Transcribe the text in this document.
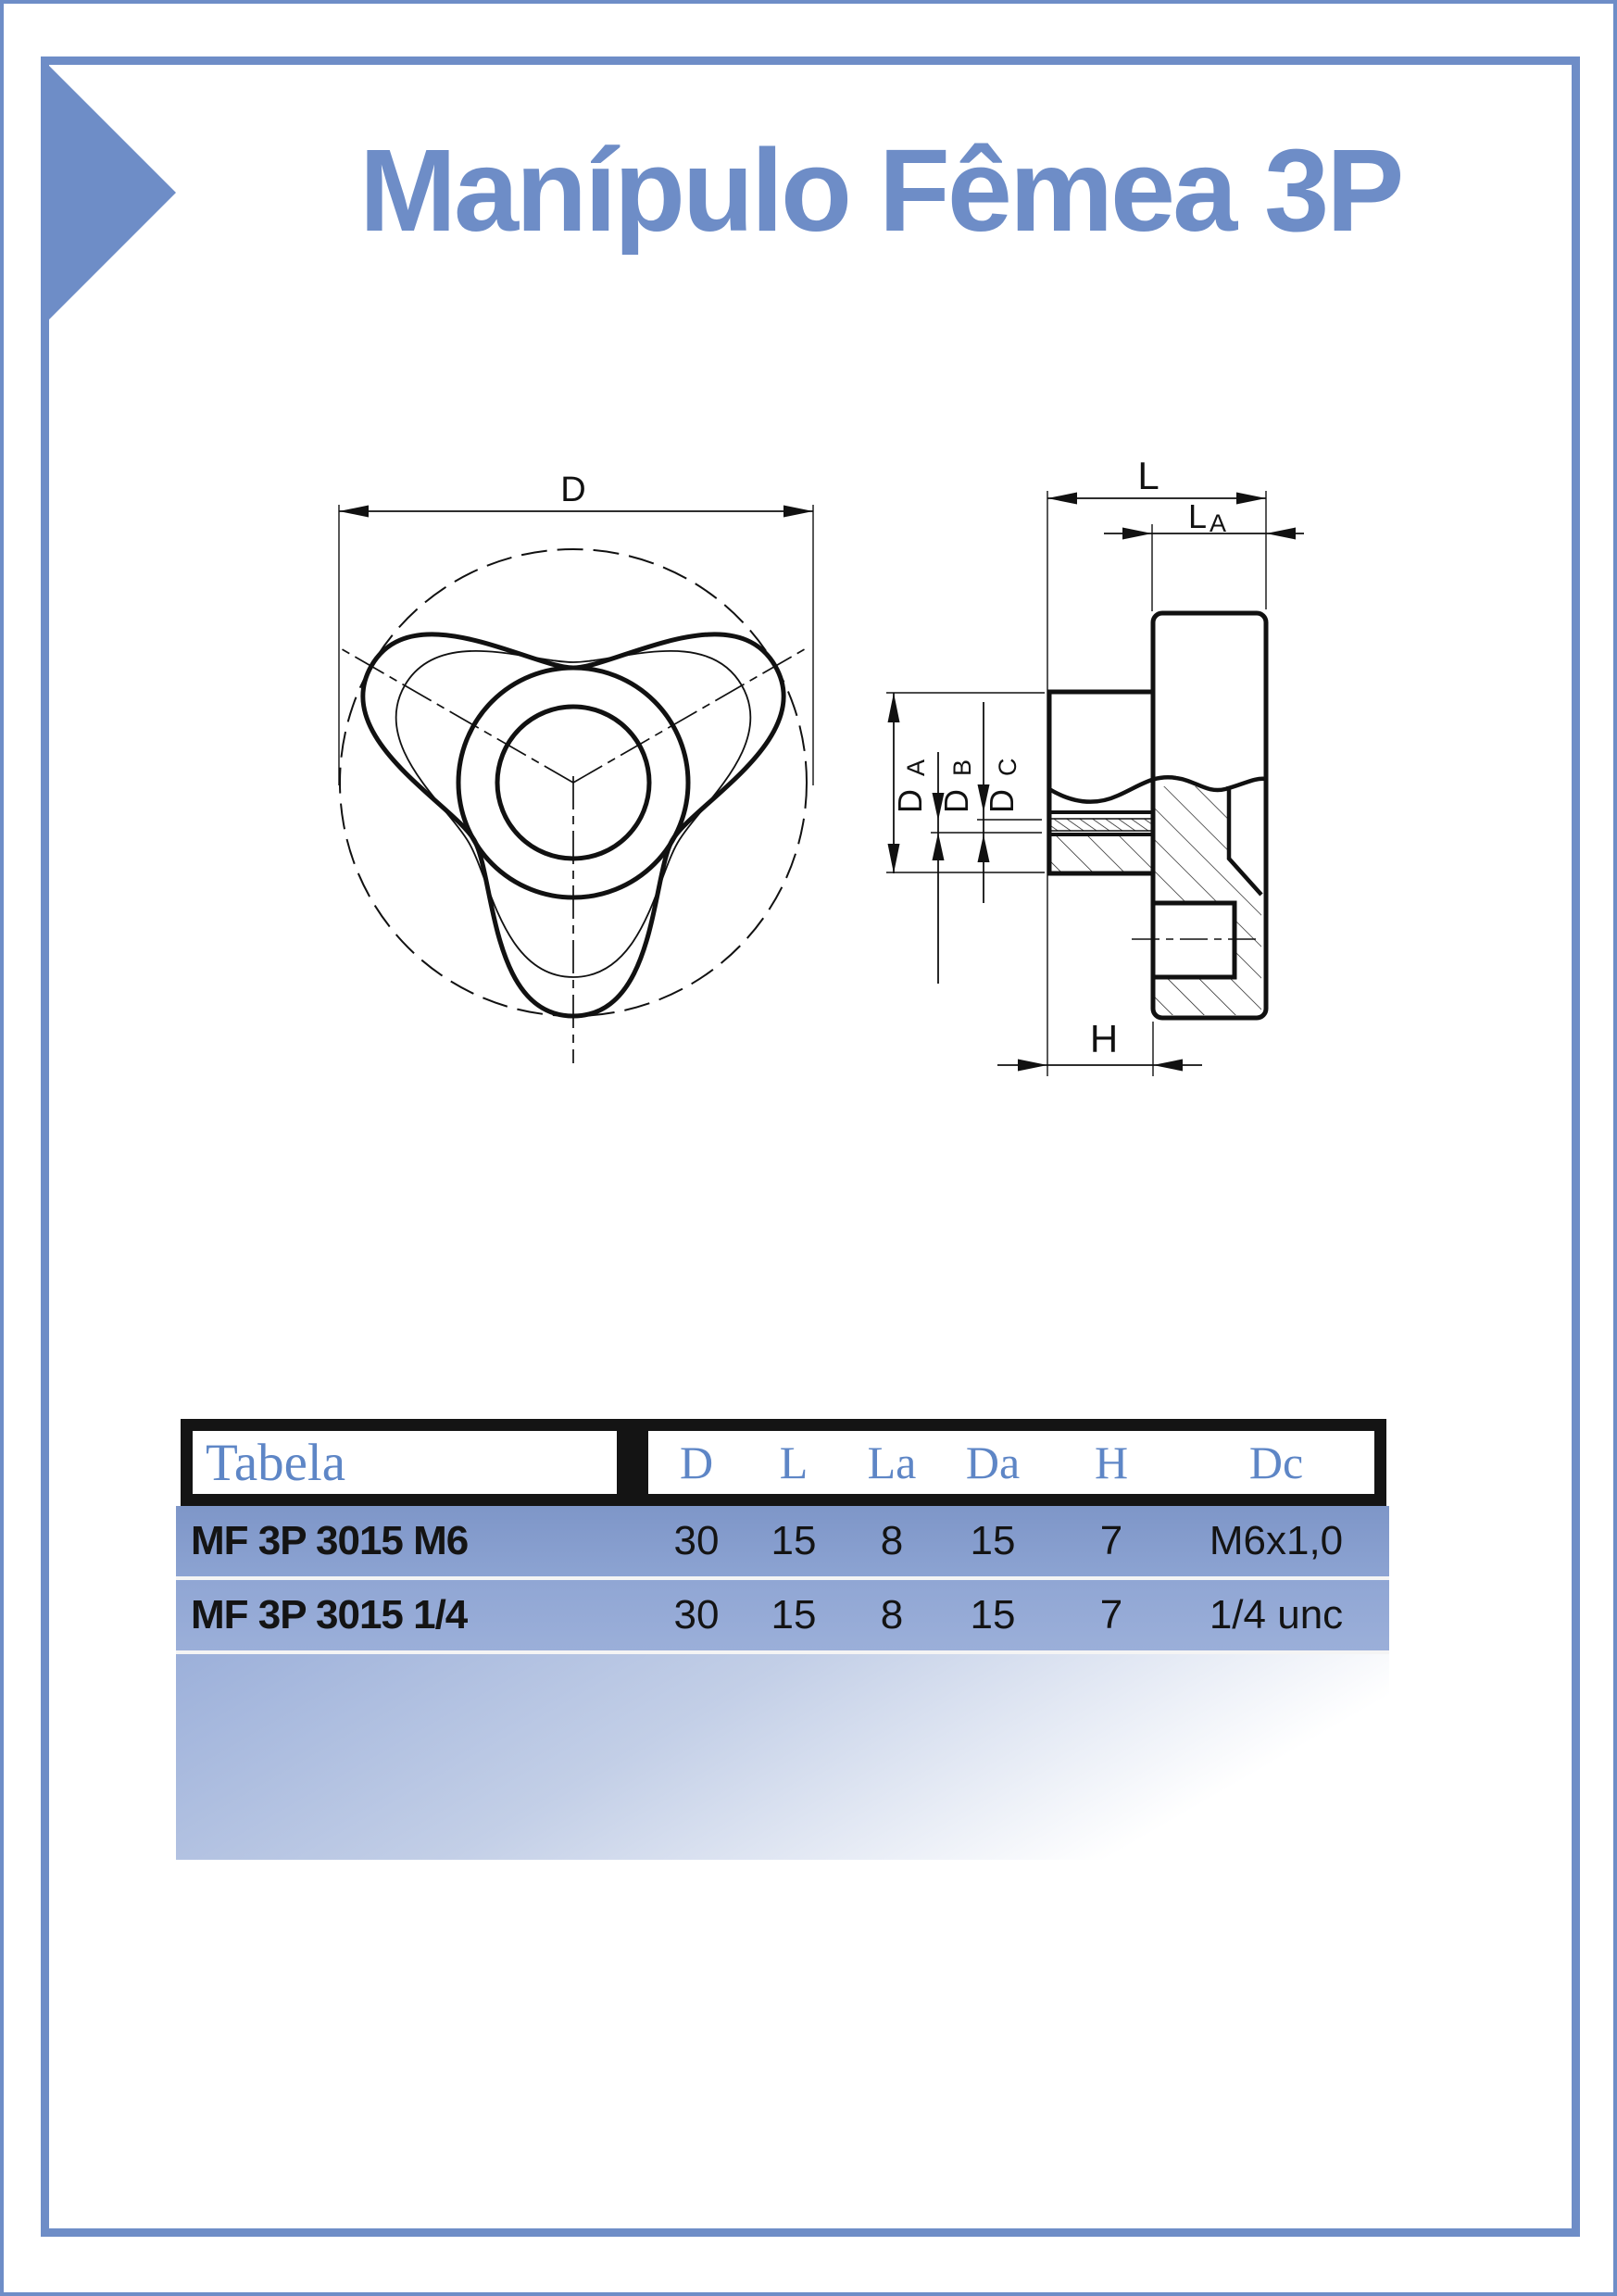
Manípulo Fêmea 3P
D	L
L A
D
A
D
B
D
C
H
Tabela	D	L	La	Da	H	Dc
MF 3P 3015 M6	30	15	8	15	7	M6x1,0
MF 3P 3015 1/4	30	15	8	15	7	1/4 unc
